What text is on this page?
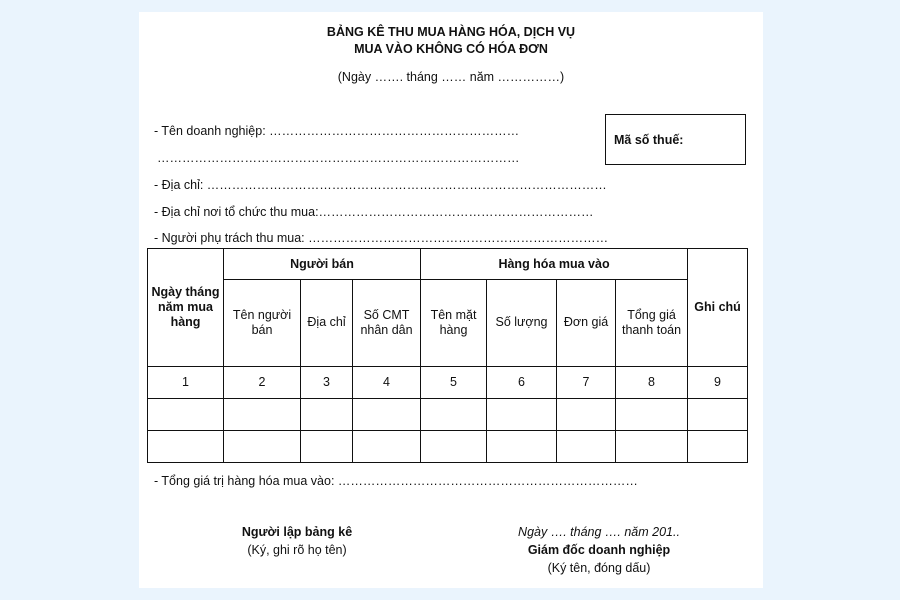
BẢNG KÊ THU MUA HÀNG HÓA, DỊCH VỤ
MUA VÀO KHÔNG CÓ HÓA ĐƠN
(Ngày ……. tháng …… năm ……………)
- Tên doanh nghiệp: ……………………………………………………
……………………………………………………………………………
Mã số thuế:
- Địa chỉ: ……………………………………………………………………………………
- Địa chỉ nơi tổ chức thu mua:…………………………………………………………
- Người phụ trách thu mua: ………………………………………………………………
Ngày tháng năm mua hàng	Người bán			Hàng hóa mua vào				Ghi chú
	Tên người bán	Địa chỉ	Số CMT nhân dân	Tên mặt hàng	Số lượng	Đơn giá	Tổng giá thanh toán	
1	2	3	4	5	6	7	8	9

- Tổng giá trị hàng hóa mua vào: ………………………………………………………………
Người lập bảng kê
(Ký, ghi rõ họ tên)
Ngày …. tháng …. năm 201..
Giám đốc doanh nghiệp
(Ký tên, đóng dấu)
